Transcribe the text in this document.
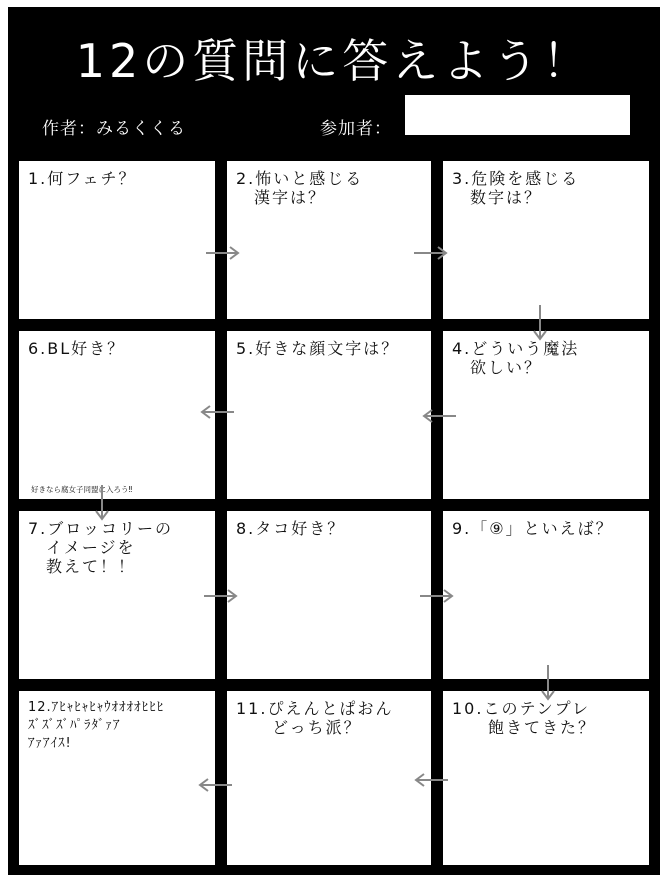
12の質問に答えよう！
作者：みるくくる	参加者：
1.何フェチ？	2.怖いと感じる
　漢字は？
3.危険を感じる
　数字は？
6.BL好き？
好きなら腐女子同盟に入ろう‼
5.好きな顔文字は？	4.どういう魔法
　欲しい？
7.ブロッコリーの
　イメージを
　教えて！！
8.タコ好き？	9.「⑨」といえば？
12.ｱﾋｬﾋｬﾋｬｳｵｵｵｵﾋﾋﾋ
ｽﾞｽﾞｽﾞﾊﾟﾗﾀﾞｧｱ
ｱｧｱｲｽ!
11.ぴえんとぱおん
　　どっち派？
10.このテンプレ
　　飽きてきた？
